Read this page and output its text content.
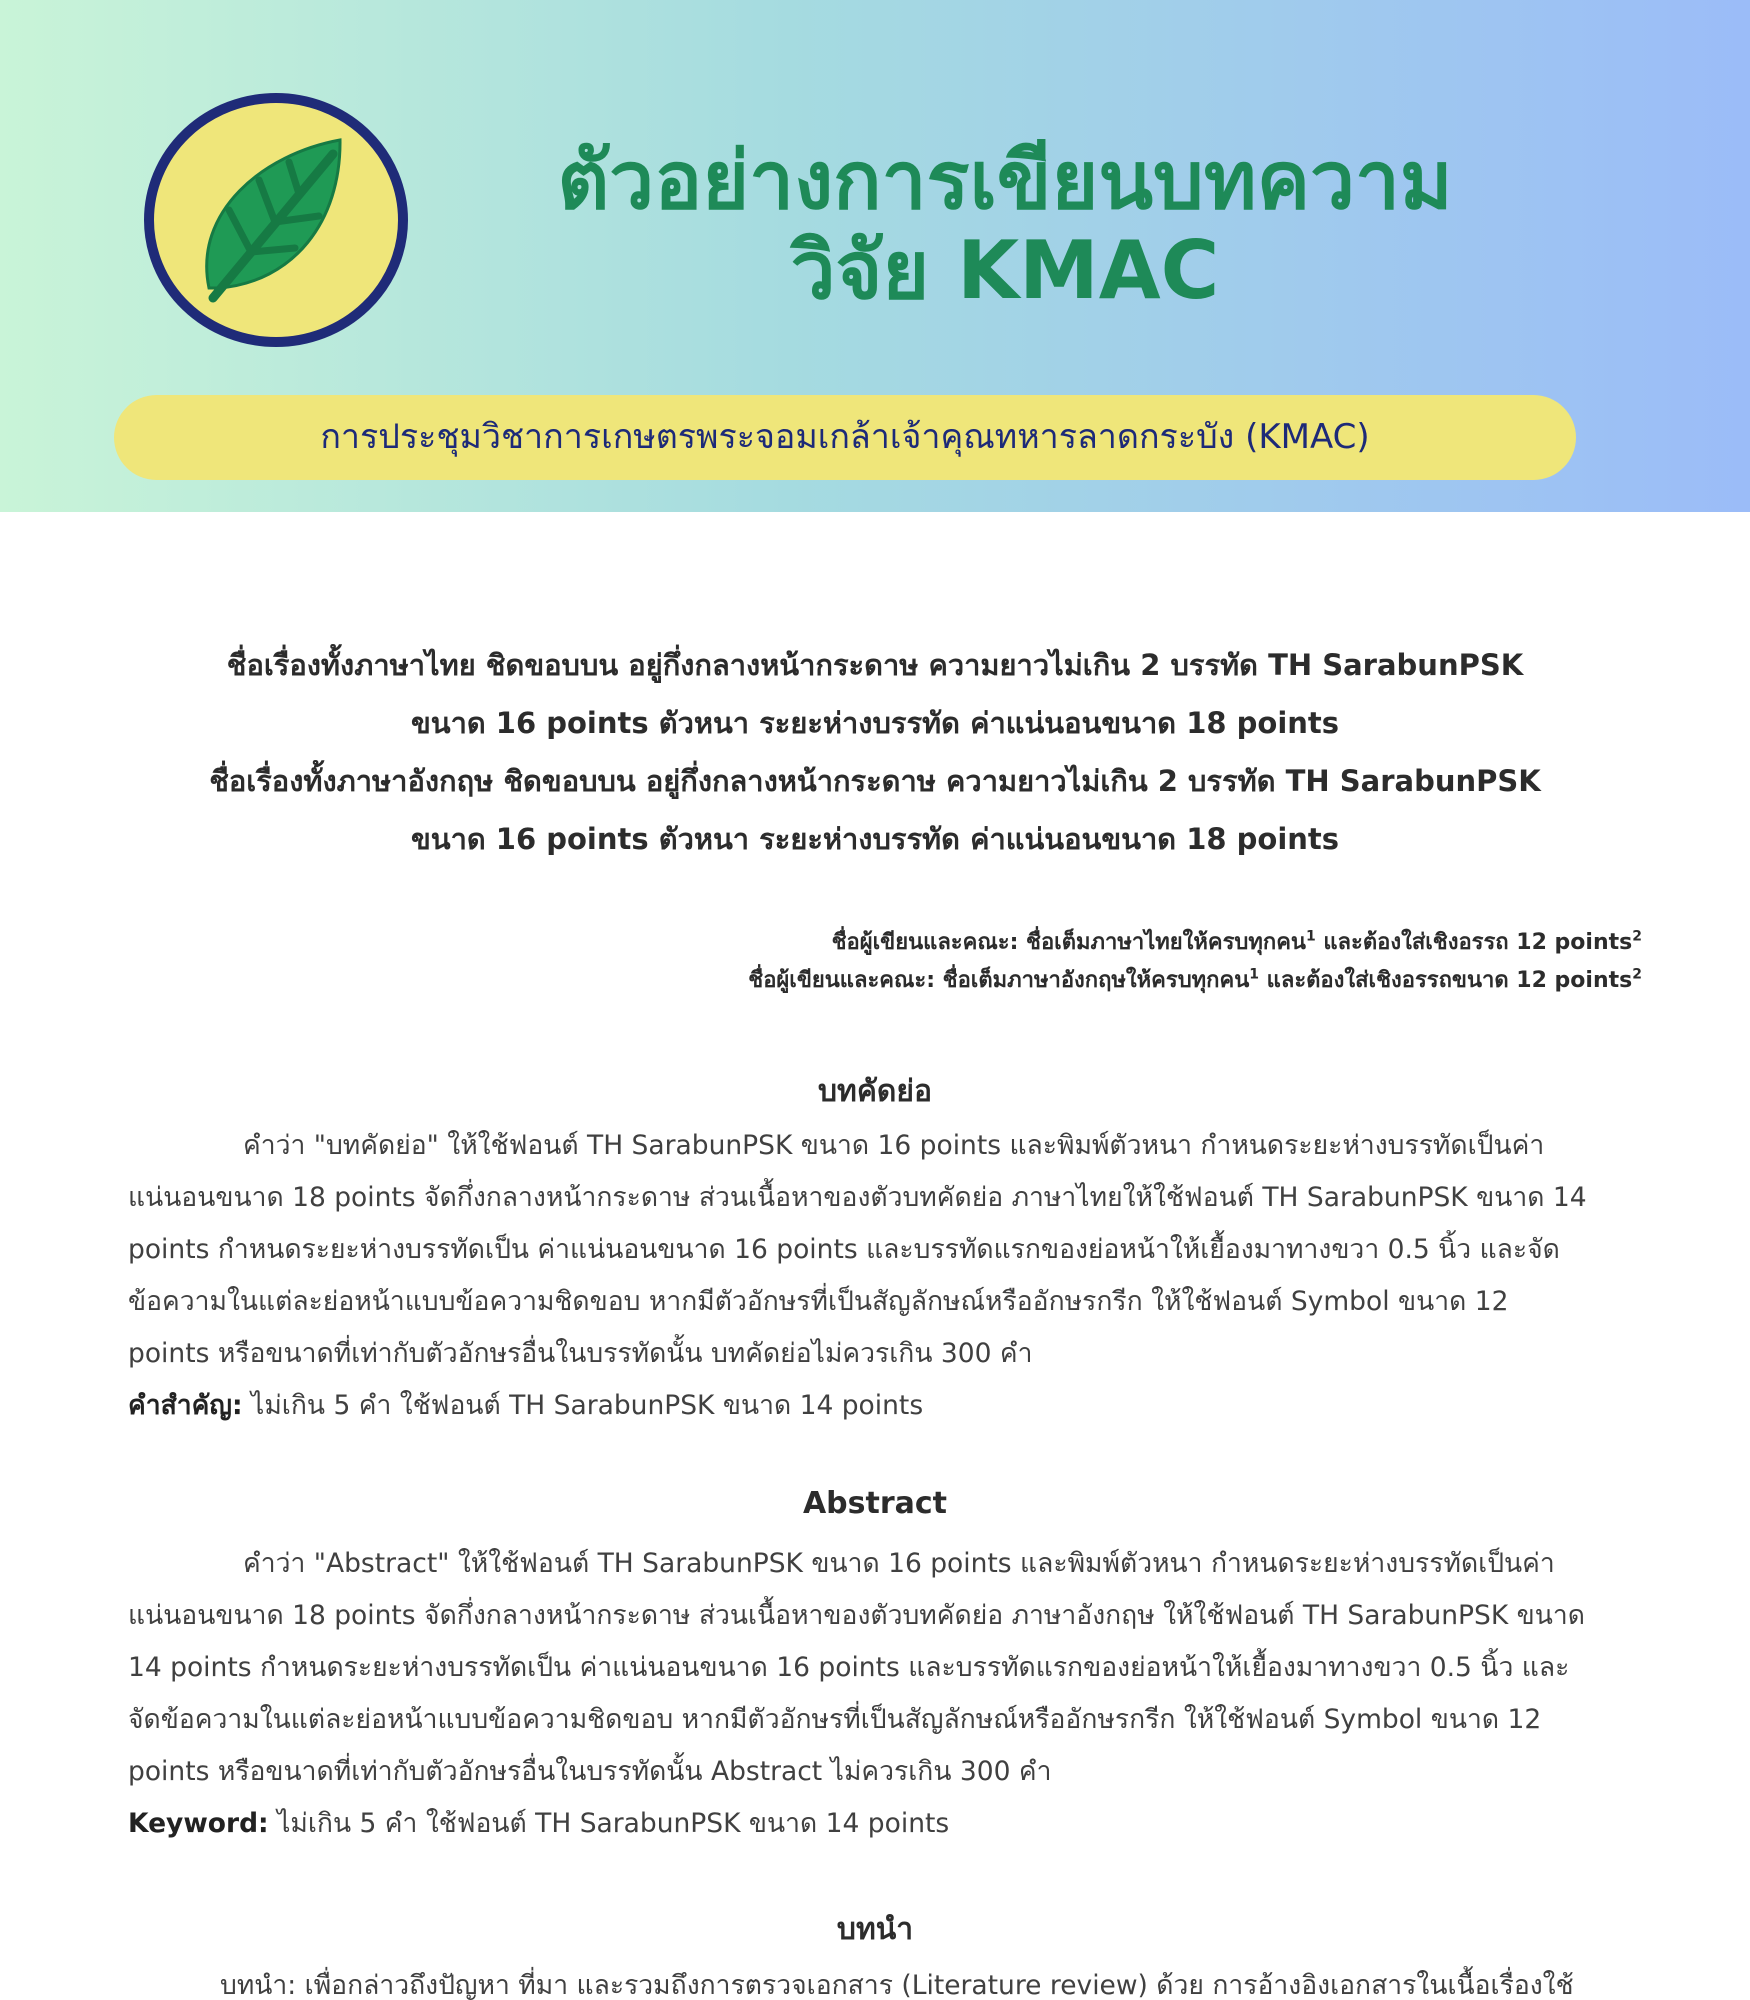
ตัวอย่างการเขียนบทความ
วิจัย KMAC
การประชุมวิชาการเกษตรพระจอมเกล้าเจ้าคุณทหารลาดกระบัง (KMAC)
ชื่อเรื่องทั้งภาษาไทย ชิดขอบบน อยู่กึ่งกลางหน้ากระดาษ ความยาวไม่เกิน 2 บรรทัด TH SarabunPSK
ขนาด 16 points ตัวหนา ระยะห่างบรรทัด ค่าแน่นอนขนาด 18 points
ชื่อเรื่องทั้งภาษาอังกฤษ ชิดขอบบน อยู่กึ่งกลางหน้ากระดาษ ความยาวไม่เกิน 2 บรรทัด TH SarabunPSK
ขนาด 16 points ตัวหนา ระยะห่างบรรทัด ค่าแน่นอนขนาด 18 points
ชื่อผู้เขียนและคณะ: ชื่อเต็มภาษาไทยให้ครบทุกคน$^1$ และต้องใส่เชิงอรรถ 12 points$^2$
ชื่อผู้เขียนและคณะ: ชื่อเต็มภาษาอังกฤษให้ครบทุกคน$^1$ และต้องใส่เชิงอรรถขนาด 12 points$^2$
บทคัดย่อ
คำว่า "บทคัดย่อ" ให้ใช้ฟอนต์ TH SarabunPSK ขนาด 16 points และพิมพ์ตัวหนา กำหนดระยะห่างบรรทัดเป็นค่า
แน่นอนขนาด 18 points จัดกึ่งกลางหน้ากระดาษ ส่วนเนื้อหาของตัวบทคัดย่อ ภาษาไทยให้ใช้ฟอนต์ TH SarabunPSK ขนาด 14
points กำหนดระยะห่างบรรทัดเป็น ค่าแน่นอนขนาด 16 points และบรรทัดแรกของย่อหน้าให้เยื้องมาทางขวา 0.5 นิ้ว และจัด
ข้อความในแต่ละย่อหน้าแบบข้อความชิดขอบ หากมีตัวอักษรที่เป็นสัญลักษณ์หรืออักษรกรีก ให้ใช้ฟอนต์ Symbol ขนาด 12
points หรือขนาดที่เท่ากับตัวอักษรอื่นในบรรทัดนั้น บทคัดย่อไม่ควรเกิน 300 คำ
คำสำคัญ: ไม่เกิน 5 คำ ใช้ฟอนต์ TH SarabunPSK ขนาด 14 points
Abstract
คำว่า "Abstract" ให้ใช้ฟอนต์ TH SarabunPSK ขนาด 16 points และพิมพ์ตัวหนา กำหนดระยะห่างบรรทัดเป็นค่า
แน่นอนขนาด 18 points จัดกึ่งกลางหน้ากระดาษ ส่วนเนื้อหาของตัวบทคัดย่อ ภาษาอังกฤษ ให้ใช้ฟอนต์ TH SarabunPSK ขนาด
14 points กำหนดระยะห่างบรรทัดเป็น ค่าแน่นอนขนาด 16 points และบรรทัดแรกของย่อหน้าให้เยื้องมาทางขวา 0.5 นิ้ว และ
จัดข้อความในแต่ละย่อหน้าแบบข้อความชิดขอบ หากมีตัวอักษรที่เป็นสัญลักษณ์หรืออักษรกรีก ให้ใช้ฟอนต์ Symbol ขนาด 12
points หรือขนาดที่เท่ากับตัวอักษรอื่นในบรรทัดนั้น Abstract ไม่ควรเกิน 300 คำ
Keyword: ไม่เกิน 5 คำ ใช้ฟอนต์ TH SarabunPSK ขนาด 14 points
บทนำ
บทนำ: เพื่อกล่าวถึงปัญหา ที่มา และรวมถึงการตรวจเอกสาร (Literature review) ด้วย การอ้างอิงเอกสารในเนื้อเรื่องใช้
